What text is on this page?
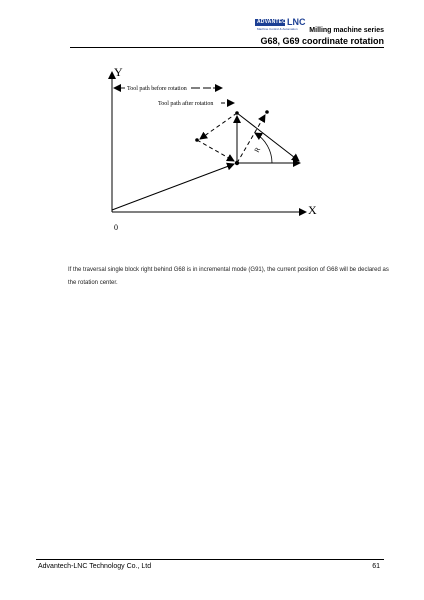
ADVANTECH
LNC
Machine Control & Automation Milling machine series
G68, G69 coordinate rotation
Y
X
0
Tool path before rotation
Tool path after rotation
R
If the traversal single block right behind G68 is in incremental mode (G91), the current position of G68 will be declared as the rotation center.
Advantech-LNC Technology Co., Ltd	61
